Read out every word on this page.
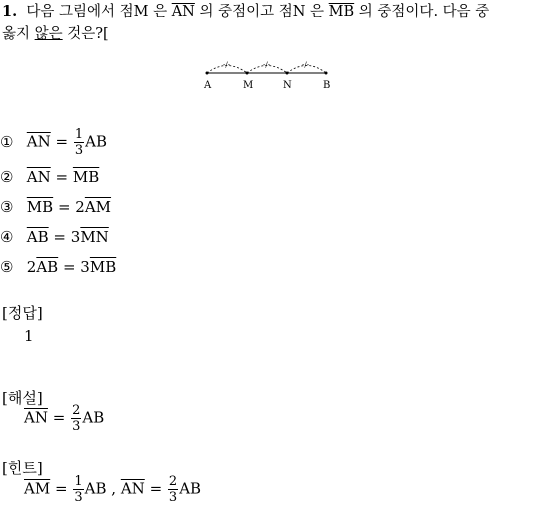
1. 다음 그림에서 점M 은 $\overline{AN}$ 의 중점이고 점N 은 $\overline{MB}$ 의 중점이다. 다음 중
옳지 않은 것은?[
-/-	-/-	-/-
A	M	N	B
① $\overline{AN} = \frac{1}{3}$ AB
② $\overline{AN} = \overline{MB}$
③ $\overline{MB} = 2\overline{AM}$
④ $\overline{AB} = 3\overline{MN}$
⑤ $2\overline{AB} = 3\overline{MB}$
[정답]
1
[해설]
$\overline{AN} = \frac{2}{3}$ AB
[힌트]
$\overline{AM} = \frac{1}{3}$ AB , $\overline{AN} = \frac{2}{3}$ AB
